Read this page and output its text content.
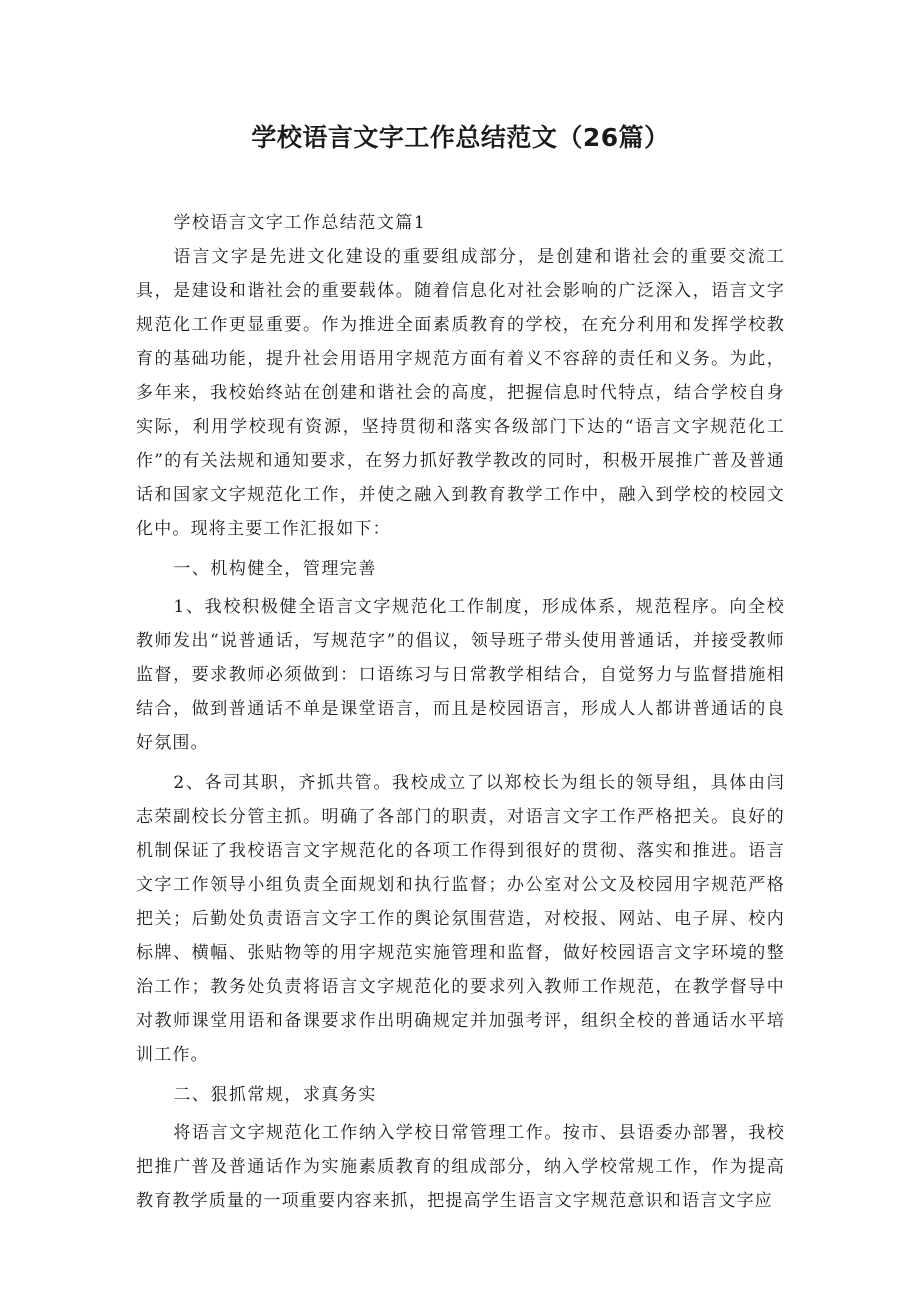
学校语言文字工作总结范文（26篇）

学校语言文字工作总结范文篇1

语言文字是先进文化建设的重要组成部分，是创建和谐社会的重要交流工具，是建设和谐社会的重要载体。随着信息化对社会影响的广泛深入，语言文字规范化工作更显重要。作为推进全面素质教育的学校，在充分利用和发挥学校教育的基础功能，提升社会用语用字规范方面有着义不容辞的责任和义务。为此，多年来，我校始终站在创建和谐社会的高度，把握信息时代特点，结合学校自身实际，利用学校现有资源，坚持贯彻和落实各级部门下达的“语言文字规范化工作”的有关法规和通知要求，在努力抓好教学教改的同时，积极开展推广普及普通话和国家文字规范化工作，并使之融入到教育教学工作中，融入到学校的校园文化中。现将主要工作汇报如下：

一、机构健全，管理完善

1、我校积极健全语言文字规范化工作制度，形成体系，规范程序。向全校教师发出“说普通话，写规范字”的倡议，领导班子带头使用普通话，并接受教师监督，要求教师必须做到：口语练习与日常教学相结合，自觉努力与监督措施相结合，做到普通话不单是课堂语言，而且是校园语言，形成人人都讲普通话的良好氛围。

2、各司其职，齐抓共管。我校成立了以郑校长为组长的领导组，具体由闫志荣副校长分管主抓。明确了各部门的职责，对语言文字工作严格把关。良好的机制保证了我校语言文字规范化的各项工作得到很好的贯彻、落实和推进。语言文字工作领导小组负责全面规划和执行监督；办公室对公文及校园用字规范严格把关；后勤处负责语言文字工作的舆论氛围营造，对校报、网站、电子屏、校内标牌、横幅、张贴物等的用字规范实施管理和监督，做好校园语言文字环境的整治工作；教务处负责将语言文字规范化的要求列入教师工作规范，在教学督导中对教师课堂用语和备课要求作出明确规定并加强考评，组织全校的普通话水平培训工作。

二、狠抓常规，求真务实

将语言文字规范化工作纳入学校日常管理工作。按市、县语委办部署，我校把推广普及普通话作为实施素质教育的组成部分，纳入学校常规工作，作为提高教育教学质量的一项重要内容来抓，把提高学生语言文字规范意识和语言文字应
